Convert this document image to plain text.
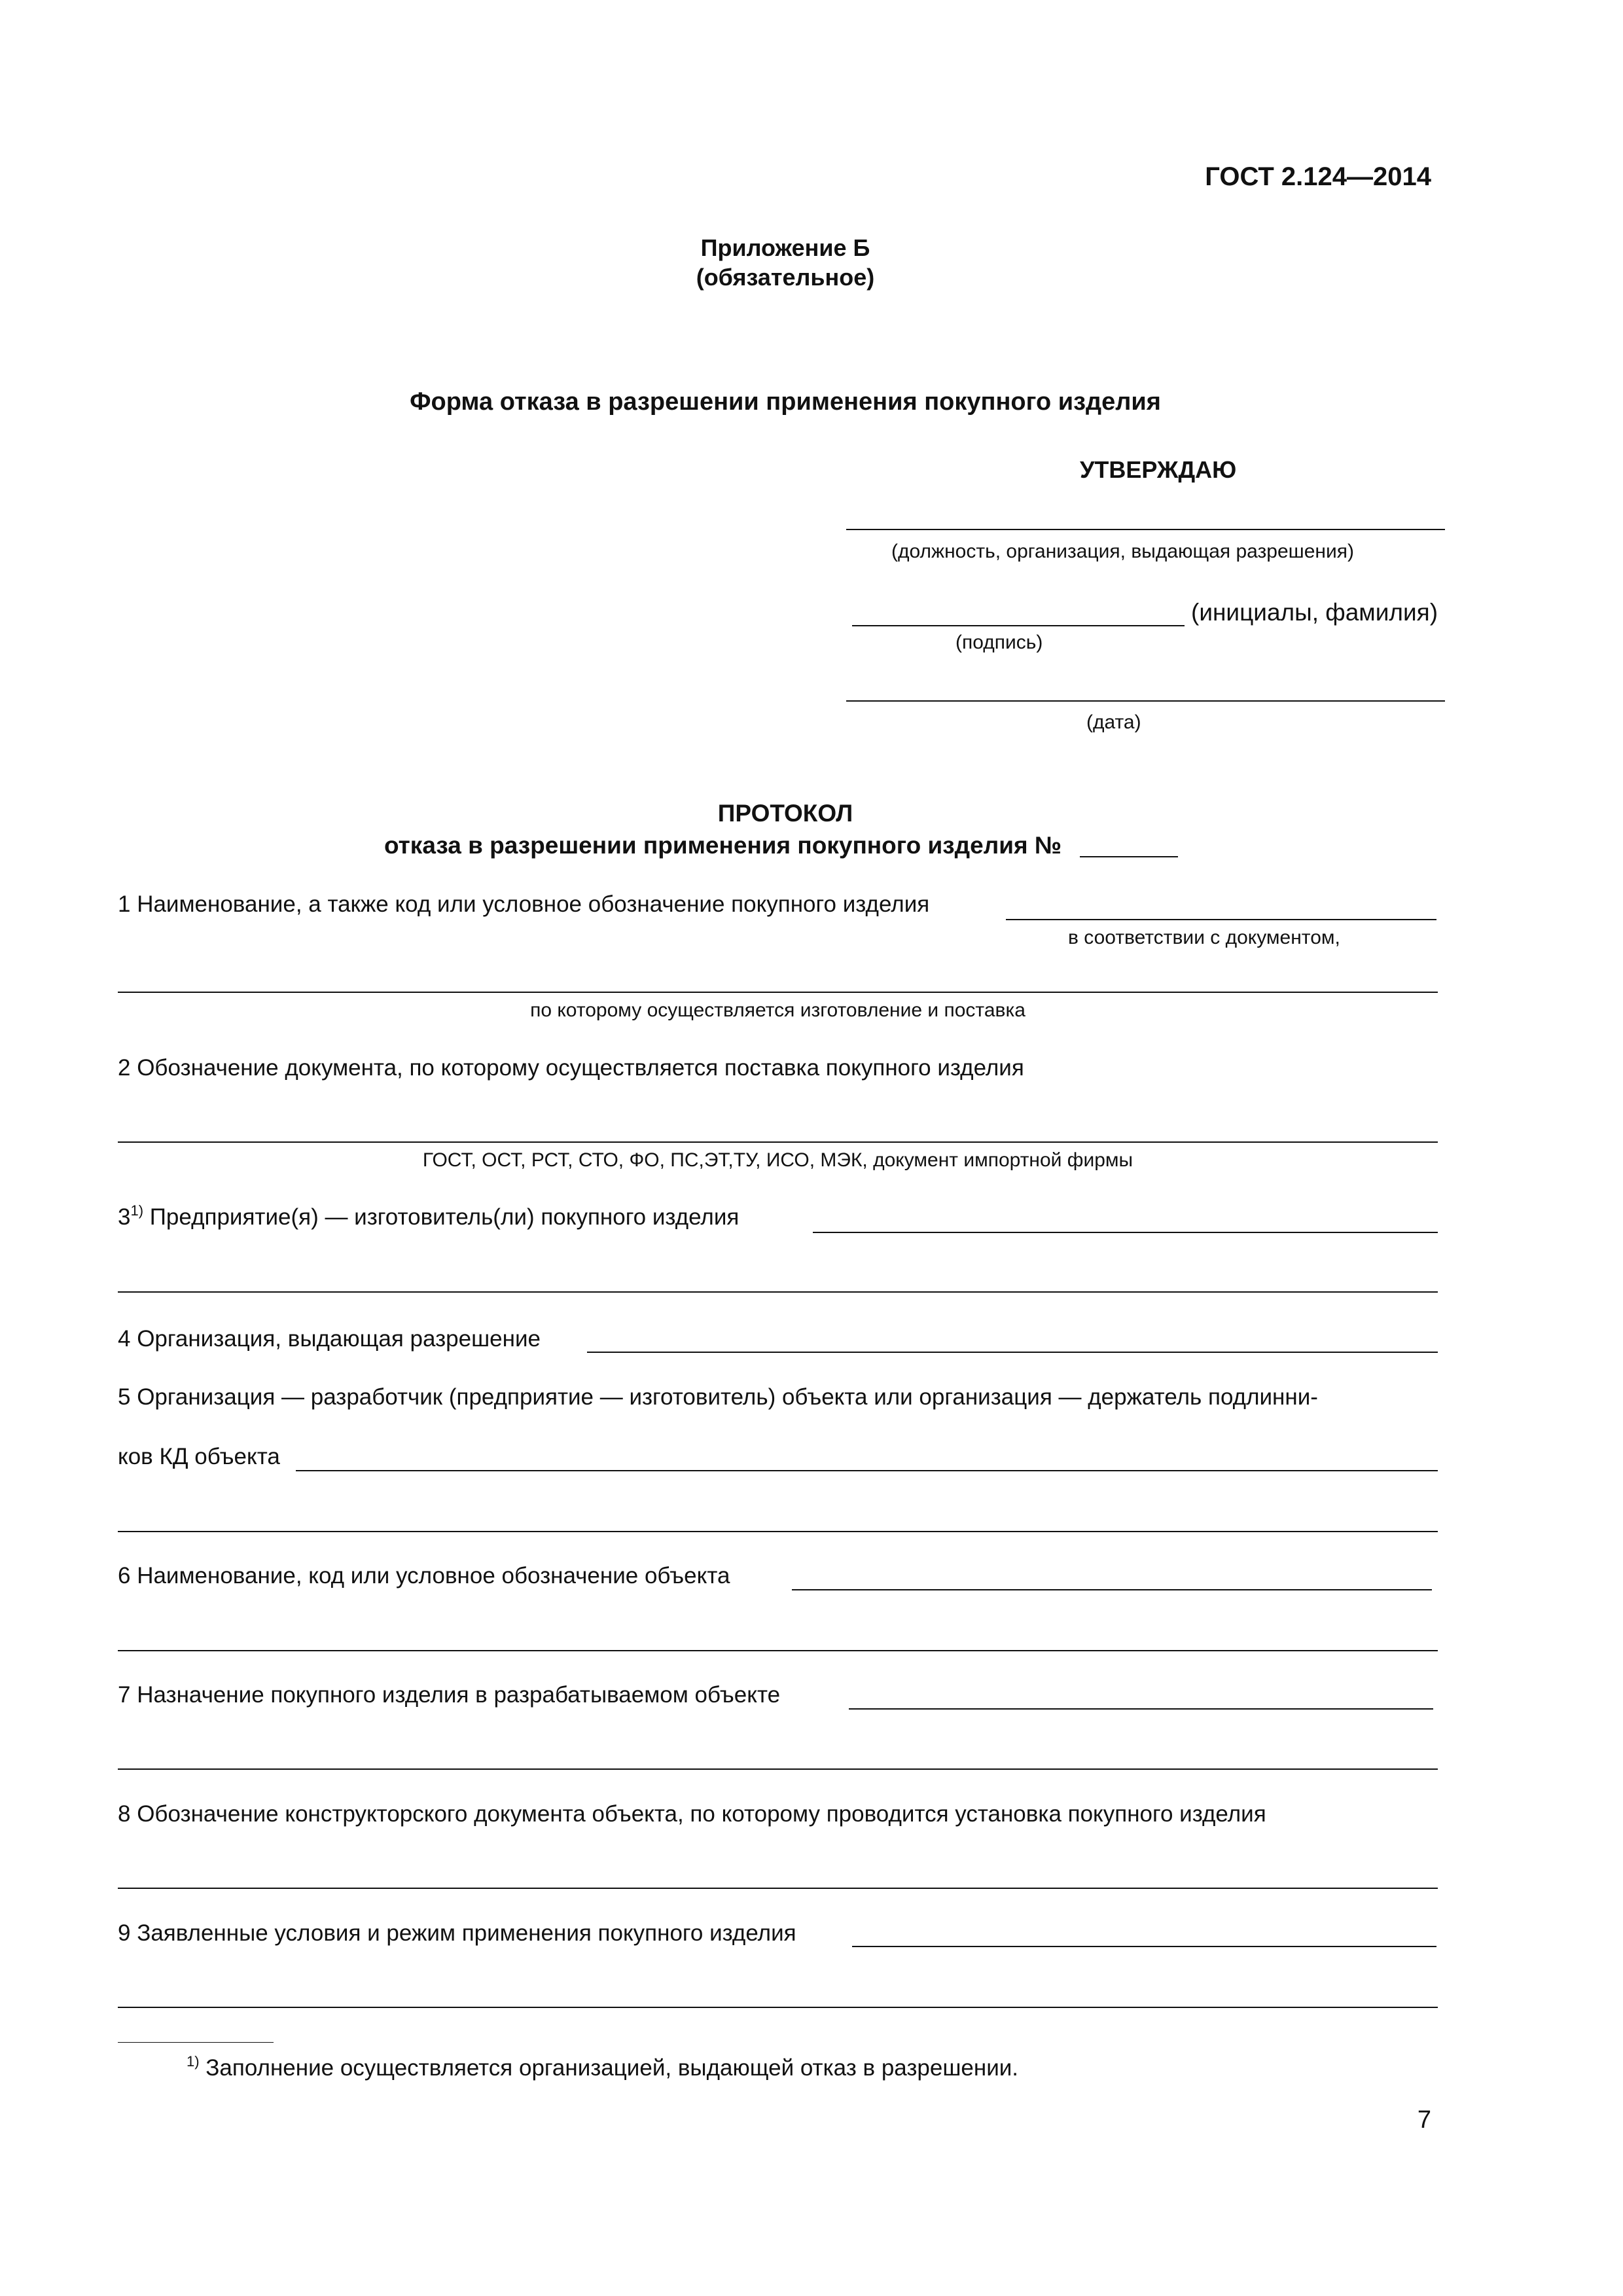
ГОСТ 2.124—2014
Приложение Б
(обязательное)
Форма отказа в разрешении применения покупного изделия
УТВЕРЖДАЮ
(должность, организация, выдающая разрешения)
(инициалы, фамилия)
(подпись)
(дата)
ПРОТОКОЛ
отказа в разрешении применения покупного изделия №
1 Наименование, а также код или условное обозначение покупного изделия
в соответствии с документом,
по которому осуществляется изготовление и поставка
2 Обозначение документа, по которому осуществляется поставка покупного изделия
ГОСТ, ОСТ, РСТ, СТО, ФО, ПС,ЭТ,ТУ, ИСО, МЭК, документ импортной фирмы
3$^{1)}$ Предприятие(я) — изготовитель(ли) покупного изделия
4 Организация, выдающая разрешение
5 Организация — разработчик (предприятие — изготовитель) объекта или организация — держатель подлинни-
ков КД объекта
6 Наименование, код или условное обозначение объекта
7 Назначение покупного изделия в разрабатываемом объекте
8 Обозначение конструкторского документа объекта, по которому проводится установка покупного изделия
9 Заявленные условия и режим применения покупного изделия
$^{1)}$ Заполнение осуществляется организацией, выдающей отказ в разрешении.
7
